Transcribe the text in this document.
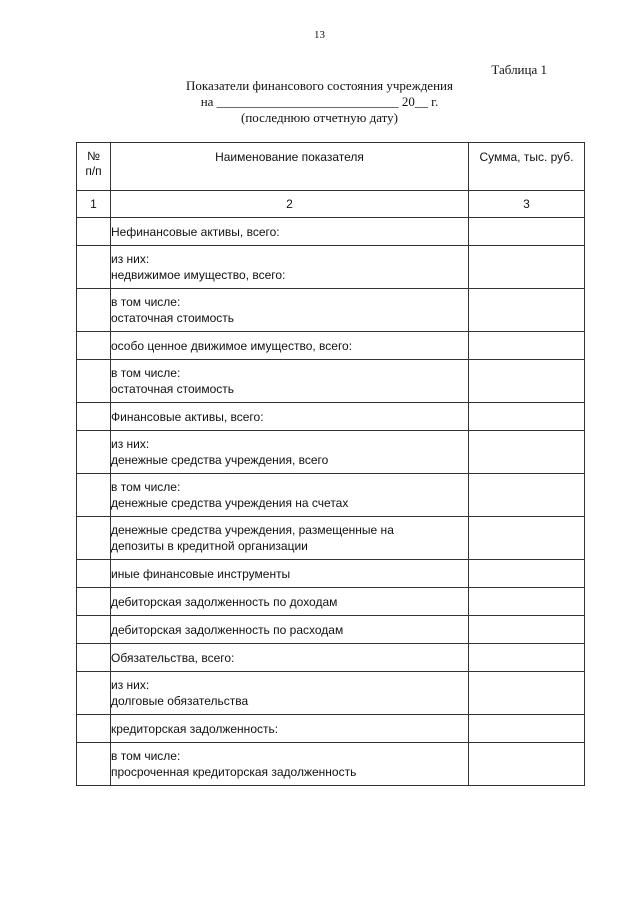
13
Таблица 1
Показатели финансового состояния учреждения
на ____________________________ 20__ г.
(последнюю отчетную дату)
№
п/п	Наименование показателя	Сумма, тыс. руб.
1	2	3

	Нефинансовые активы, всего:	

	из них:
недвижимое имущество, всего:	

	в том числе:
остаточная стоимость	

	особо ценное движимое имущество, всего:	

	в том числе:
остаточная стоимость	

	Финансовые активы, всего:	

	из них:
денежные средства учреждения, всего	

	в том числе:
денежные средства учреждения на счетах	

	денежные средства учреждения, размещенные на
депозиты в кредитной организации	

	иные финансовые инструменты	

	дебиторская задолженность по доходам	

	дебиторская задолженность по расходам	

	Обязательства, всего:	

	из них:
долговые обязательства	

	кредиторская задолженность:	

	в том числе:
просроченная кредиторская задолженность	
